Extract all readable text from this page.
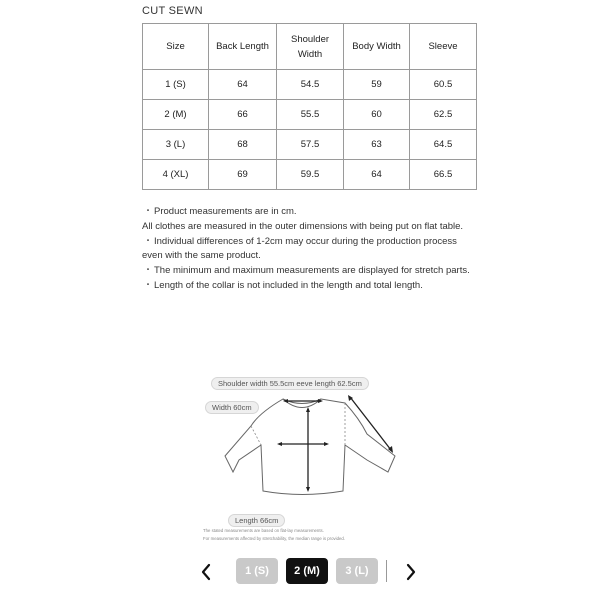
CUT SEWN
Size	Back Length	Shoulder Width	Body Width	Sleeve
1 (S)	64	54.5	59	60.5
2 (M)	66	55.5	60	62.5
3 (L)	68	57.5	63	64.5
4 (XL)	69	59.5	64	66.5

・Product measurements are in cm.

All clothes are measured in the outer dimensions with being put on flat table.

・Individual differences of 1-2cm may occur during the production process even with the same product.

・The minimum and maximum measurements are displayed for stretch parts.

・Length of the collar is not included in the length and total length.

Shoulder width 55.5cm eeve length 62.5cm
Width 60cm
Length 66cm
The stated measurements are based on flat-lay measurements.
For measurements affected by stretchability, the median range is provided.
1 (S)	2 (M)	3 (L)
